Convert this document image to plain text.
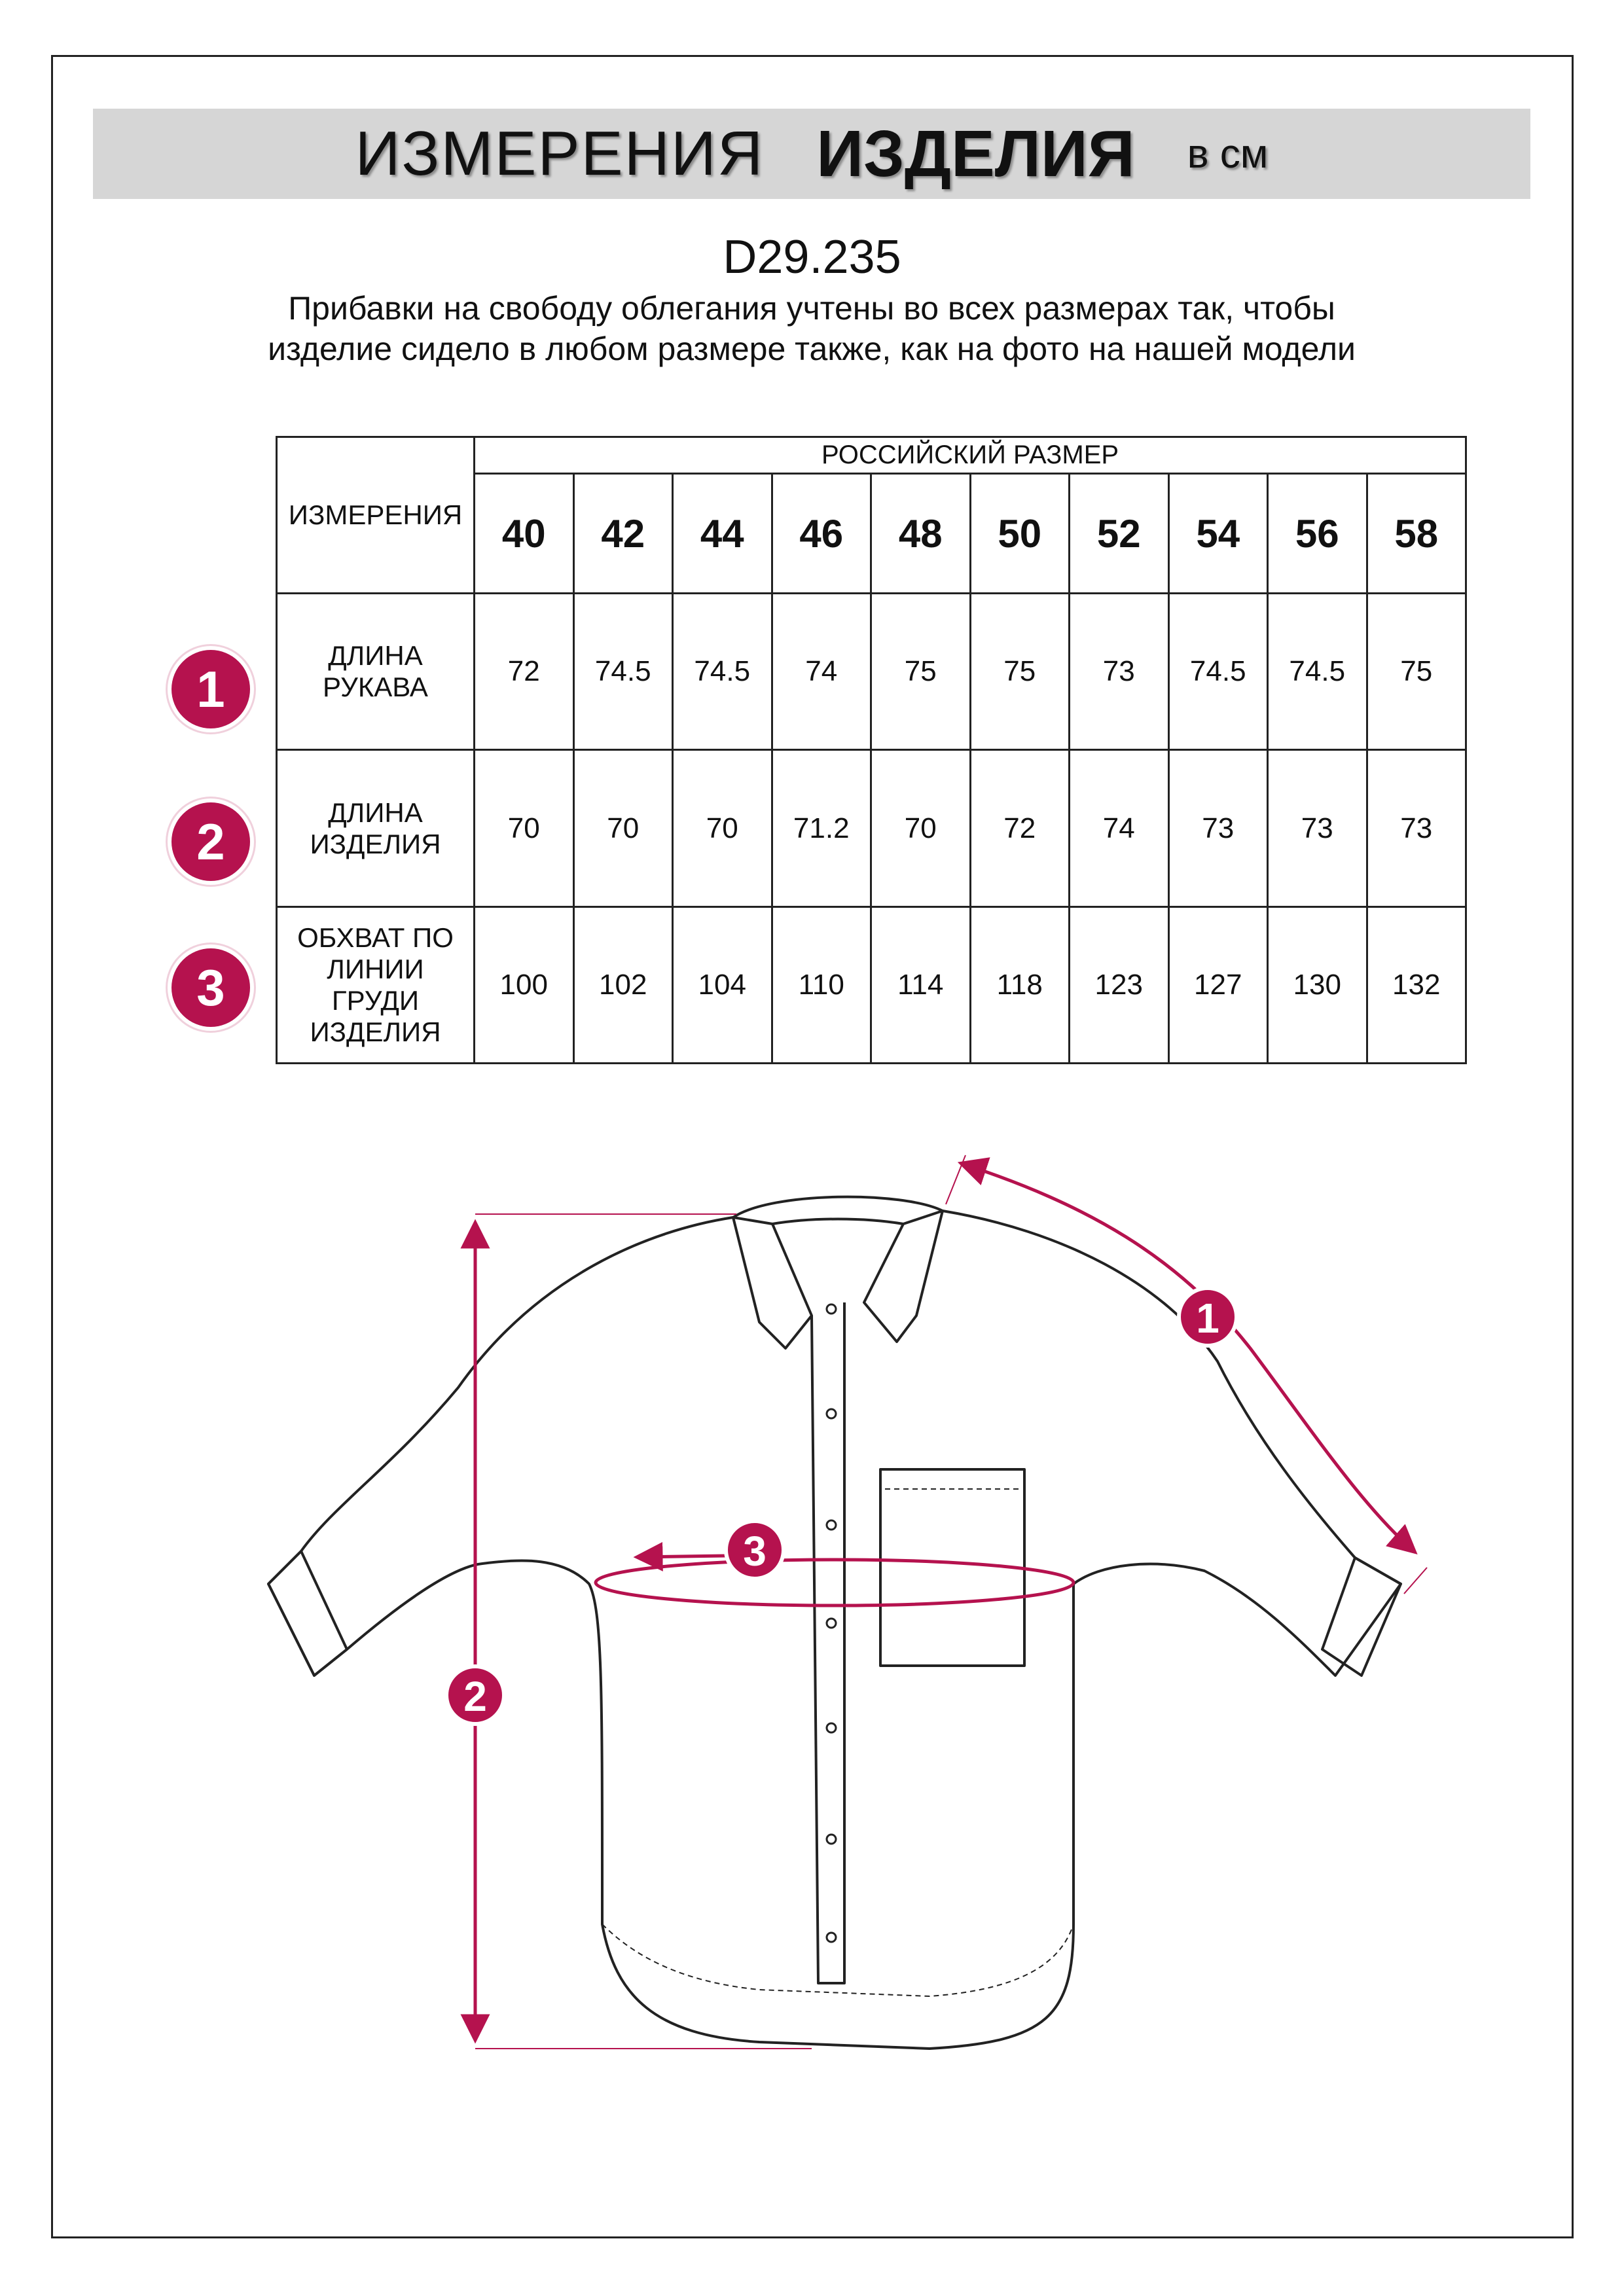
ИЗМЕРЕНИЯ ИЗДЕЛИЯ в см
D29.235
Прибавки на свободу облегания учтены во всех размерах так, чтобы изделие сидело в любом размере также, как на фото на нашей модели
ИЗМЕРЕНИЯ	РОССИЙСКИЙ РАЗМЕР									
	40	42	44	46	48	50	52	54	56	58
ДЛИНА РУКАВА	72	74.5	74.5	74	75	75	73	74.5	74.5	75
ДЛИНА ИЗДЕЛИЯ	70	70	70	71.2	70	72	74	73	73	73
ОБХВАТ ПО ЛИНИИ ГРУДИ ИЗДЕЛИЯ	100	102	104	110	114	118	123	127	130	132
1
2
3
1
2
3
